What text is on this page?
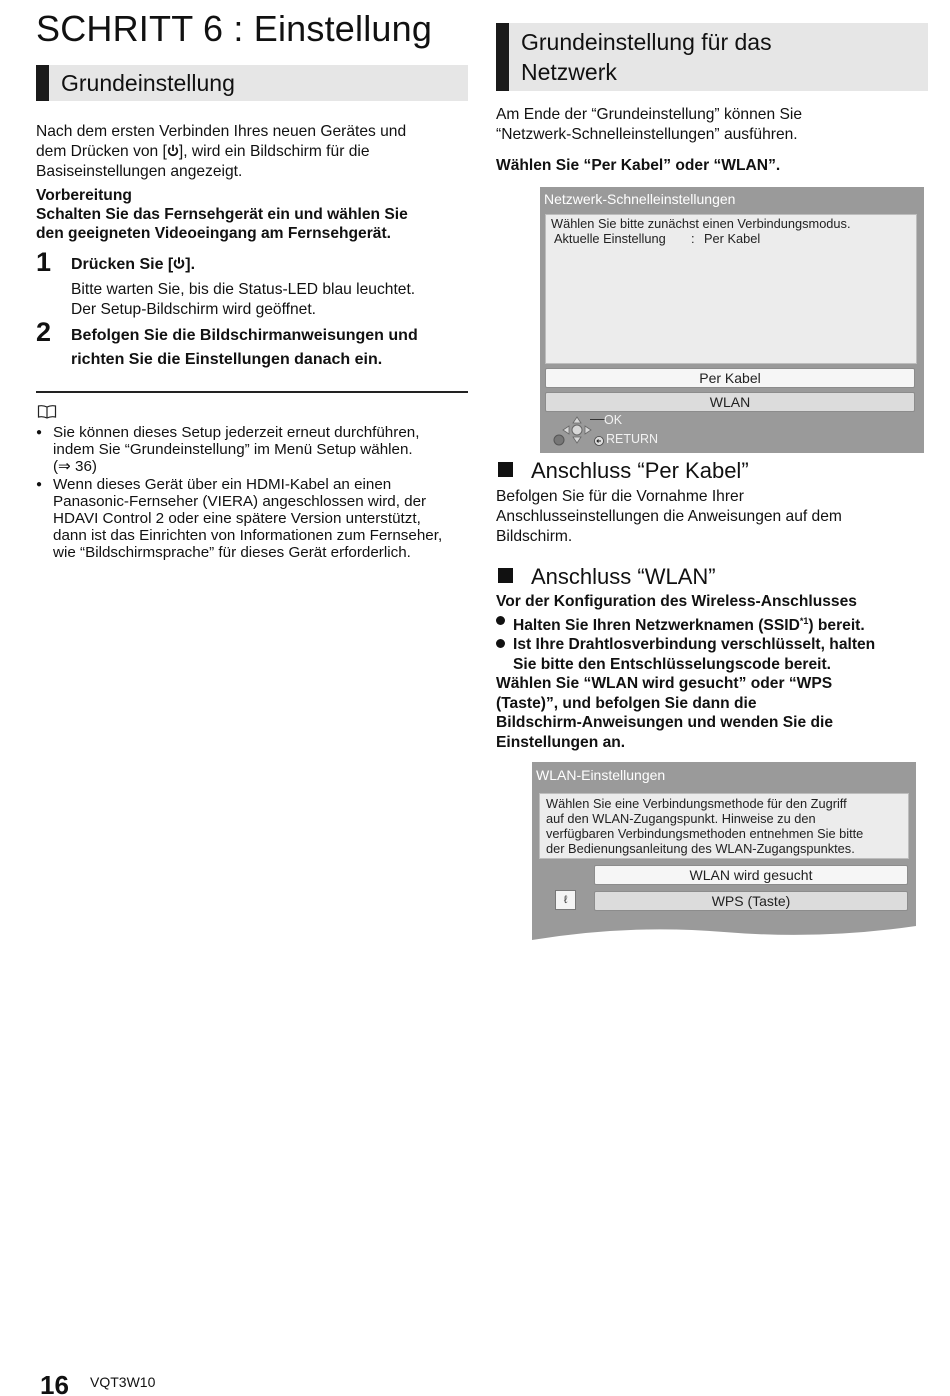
SCHRITT 6 : Einstellung
Grundeinstellung
Nach dem ersten Verbinden Ihres neuen Gerätes und
dem Drücken von [ ], wird ein Bildschirm für die
Basiseinstellungen angezeigt.
Vorbereitung
Schalten Sie das Fernsehgerät ein und wählen Sie
den geeigneten Videoeingang am Fernsehgerät.
1 Drücken Sie [ ].
Bitte warten Sie, bis die Status-LED blau leuchtet.
Der Setup-Bildschirm wird geöffnet.
2 Befolgen Sie die Bildschirmanweisungen und
richten Sie die Einstellungen danach ein.
● Sie können dieses Setup jederzeit erneut durchführen,
indem Sie “Grundeinstellung” im Menü Setup wählen.
(⇒ 36)
● Wenn dieses Gerät über ein HDMI-Kabel an einen
Panasonic-Fernseher (VIERA) angeschlossen wird, der
HDAVI Control 2 oder eine spätere Version unterstützt,
dann ist das Einrichten von Informationen zum Fernseher,
wie “Bildschirmsprache” für dieses Gerät erforderlich.
Grundeinstellung für das
Netzwerk
Am Ende der “Grundeinstellung” können Sie
“Netzwerk-Schnelleinstellungen” ausführen.
Wählen Sie “Per Kabel” oder “WLAN”.
Netzwerk-Schnelleinstellungen
Wählen Sie bitte zunächst einen Verbindungsmodus.
Aktuelle Einstellung : Per Kabel
Per Kabel
WLAN
OK
RETURN
Anschluss “Per Kabel”
Befolgen Sie für die Vornahme Ihrer
Anschlusseinstellungen die Anweisungen auf dem
Bildschirm.
Anschluss “WLAN”
Vor der Konfiguration des Wireless-Anschlusses
Halten Sie Ihren Netzwerknamen (SSID$^{*1}$) bereit.
Ist Ihre Drahtlosverbindung verschlüsselt, halten
Sie bitte den Entschlüsselungscode bereit.
Wählen Sie “WLAN wird gesucht” oder “WPS
(Taste)”, und befolgen Sie dann die
Bildschirm-Anweisungen und wenden Sie die
Einstellungen an.
WLAN-Einstellungen
Wählen Sie eine Verbindungsmethode für den Zugriff
auf den WLAN-Zugangspunkt. Hinweise zu den
verfügbaren Verbindungsmethoden entnehmen Sie bitte
der Bedienungsanleitung des WLAN-Zugangspunktes.
WLAN wird gesucht
ℓ	WPS (Taste)
16 VQT3W10
